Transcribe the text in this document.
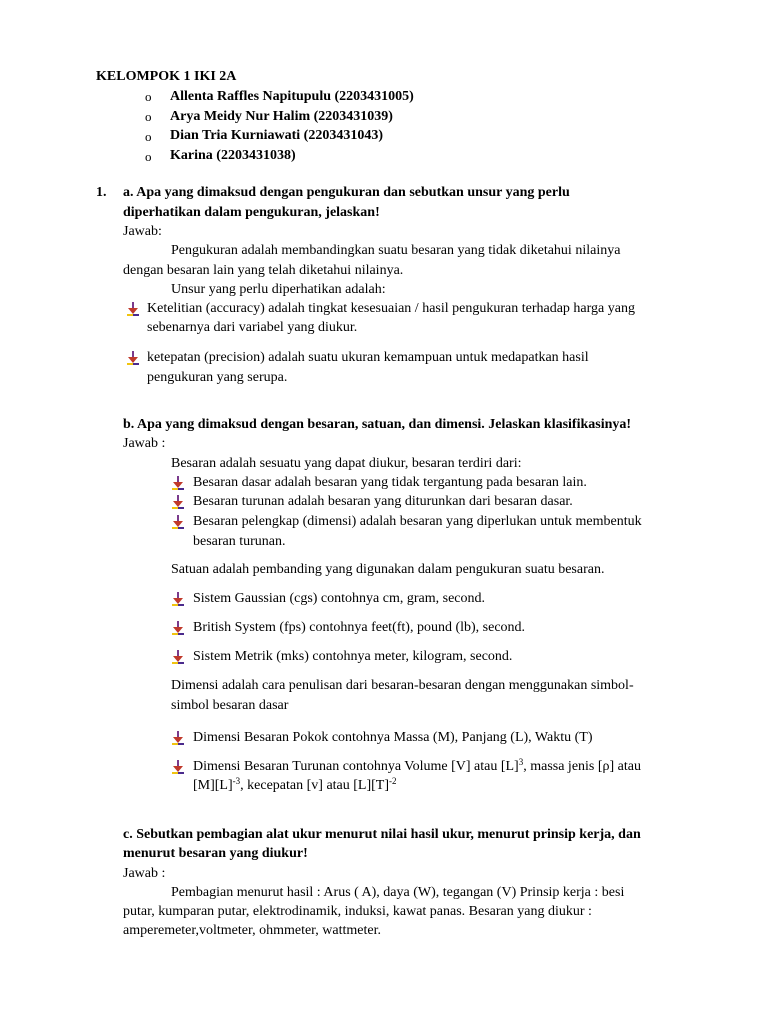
KELOMPOK 1 IKI 2A
o Allenta Raffles Napitupulu (2203431005)
o Arya Meidy Nur Halim (2203431039)
o Dian Tria Kurniawati (2203431043)
o Karina (2203431038)
1. a. Apa yang dimaksud dengan pengukuran dan sebutkan unsur yang perlu
diperhatikan dalam pengukuran, jelaskan!
Jawab:
Pengukuran adalah membandingkan suatu besaran yang tidak diketahui nilainya
dengan besaran lain yang telah diketahui nilainya.
Unsur yang perlu diperhatikan adalah:
Ketelitian (accuracy) adalah tingkat kesesuaian / hasil pengukuran terhadap harga yang
sebenarnya dari variabel yang diukur.
ketepatan (precision) adalah suatu ukuran kemampuan untuk medapatkan hasil
pengukuran yang serupa.
b. Apa yang dimaksud dengan besaran, satuan, dan dimensi. Jelaskan klasifikasinya!
Jawab :
Besaran adalah sesuatu yang dapat diukur, besaran terdiri dari:
Besaran dasar adalah besaran yang tidak tergantung pada besaran lain.
Besaran turunan adalah besaran yang diturunkan dari besaran dasar.
Besaran pelengkap (dimensi) adalah besaran yang diperlukan untuk membentuk
besaran turunan.
Satuan adalah pembanding yang digunakan dalam pengukuran suatu besaran.
Sistem Gaussian (cgs) contohnya cm, gram, second.
British System (fps) contohnya feet(ft), pound (lb), second.
Sistem Metrik (mks) contohnya meter, kilogram, second.
Dimensi adalah cara penulisan dari besaran-besaran dengan menggunakan simbol-
simbol besaran dasar
Dimensi Besaran Pokok contohnya Massa (M), Panjang (L), Waktu (T)
Dimensi Besaran Turunan contohnya Volume [V] atau $[L]^3$, massa jenis [ρ] atau
$[M][L]^{-3}$, kecepatan [v] atau $[L][T]^{-2}$
c. Sebutkan pembagian alat ukur menurut nilai hasil ukur, menurut prinsip kerja, dan
menurut besaran yang diukur!
Jawab :
Pembagian menurut hasil : Arus ( A), daya (W), tegangan (V) Prinsip kerja : besi
putar, kumparan putar, elektrodinamik, induksi, kawat panas. Besaran yang diukur :
amperemeter,voltmeter, ohmmeter, wattmeter.
